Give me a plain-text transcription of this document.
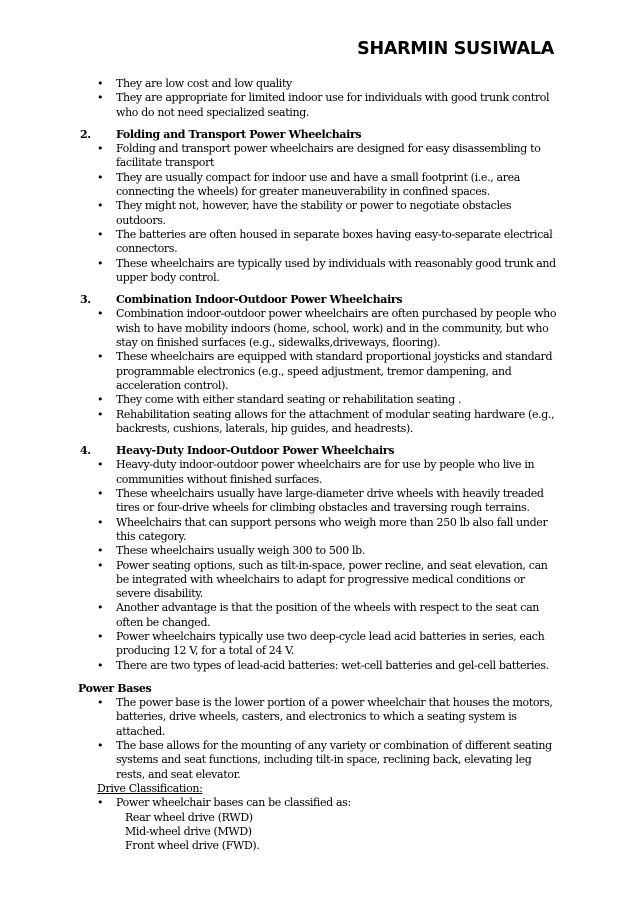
SHARMIN SUSIWALA
• They are low cost and low quality
• They are appropriate for limited indoor use for individuals with good trunk control who do not need specialized seating.
2. Folding and Transport Power Wheelchairs
• Folding and transport power wheelchairs are designed for easy disassembling to facilitate transport
• They are usually compact for indoor use and have a small footprint (i.e., area connecting the wheels) for greater maneuverability in confined spaces.
• They might not, however, have the stability or power to negotiate obstacles outdoors.
• The batteries are often housed in separate boxes having easy-to-separate electrical connectors.
• These wheelchairs are typically used by individuals with reasonably good trunk and upper body control.
3. Combination Indoor-Outdoor Power Wheelchairs
• Combination indoor-outdoor power wheelchairs are often purchased by people who wish to have mobility indoors (home, school, work) and in the community, but who stay on finished surfaces (e.g., sidewalks,driveways, flooring).
• These wheelchairs are equipped with standard proportional joysticks and standard programmable electronics (e.g., speed adjustment, tremor dampening, and acceleration control).
• They come with either standard seating or rehabilitation seating .
• Rehabilitation seating allows for the attachment of modular seating hardware (e.g., backrests, cushions, laterals, hip guides, and headrests).
4. Heavy-Duty Indoor-Outdoor Power Wheelchairs
• Heavy-duty indoor-outdoor power wheelchairs are for use by people who live in communities without finished surfaces.
• These wheelchairs usually have large-diameter drive wheels with heavily treaded tires or four-drive wheels for climbing obstacles and traversing rough terrains.
• Wheelchairs that can support persons who weigh more than 250 lb also fall under this category.
• These wheelchairs usually weigh 300 to 500 lb.
• Power seating options, such as tilt-in-space, power recline, and seat elevation, can be integrated with wheelchairs to adapt for progressive medical conditions or severe disability.
• Another advantage is that the position of the wheels with respect to the seat can often be changed.
• Power wheelchairs typically use two deep-cycle lead acid batteries in series, each producing 12 V, for a total of 24 V.
• There are two types of lead-acid batteries: wet-cell batteries and gel-cell batteries.
Power Bases
• The power base is the lower portion of a power wheelchair that houses the motors, batteries, drive wheels, casters, and electronics to which a seating system is attached.
• The base allows for the mounting of any variety or combination of different seating systems and seat functions, including tilt-in space, reclining back, elevating leg rests, and seat elevator.
Drive Classification:
• Power wheelchair bases can be classified as:
Rear wheel drive (RWD)
Mid-wheel drive (MWD)
Front wheel drive (FWD).
